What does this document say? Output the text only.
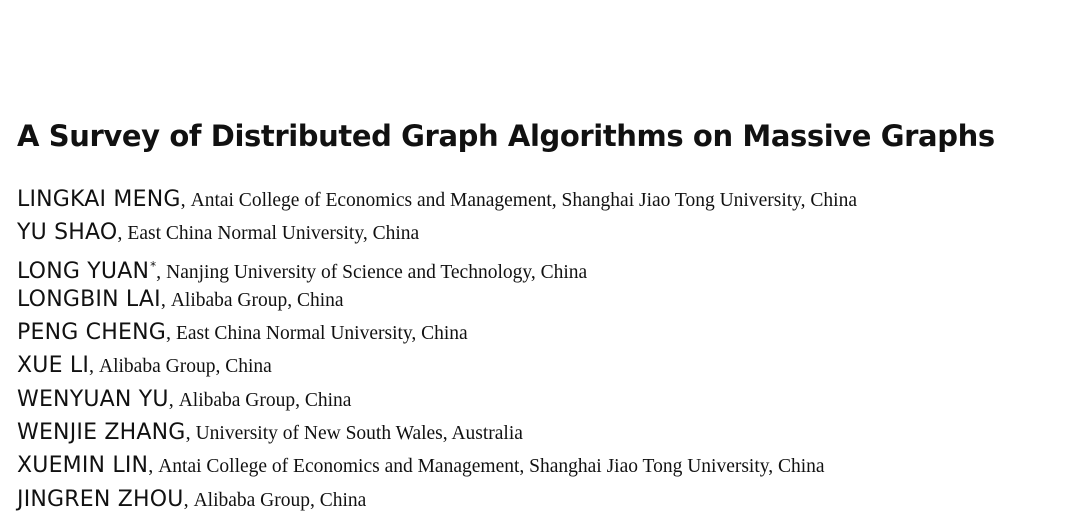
A Survey of Distributed Graph Algorithms on Massive Graphs
LINGKAI MENG, Antai College of Economics and Management, Shanghai Jiao Tong University, China
YU SHAO, East China Normal University, China
LONG YUAN*, Nanjing University of Science and Technology, China
LONGBIN LAI, Alibaba Group, China
PENG CHENG, East China Normal University, China
XUE LI, Alibaba Group, China
WENYUAN YU, Alibaba Group, China
WENJIE ZHANG, University of New South Wales, Australia
XUEMIN LIN, Antai College of Economics and Management, Shanghai Jiao Tong University, China
JINGREN ZHOU, Alibaba Group, China
